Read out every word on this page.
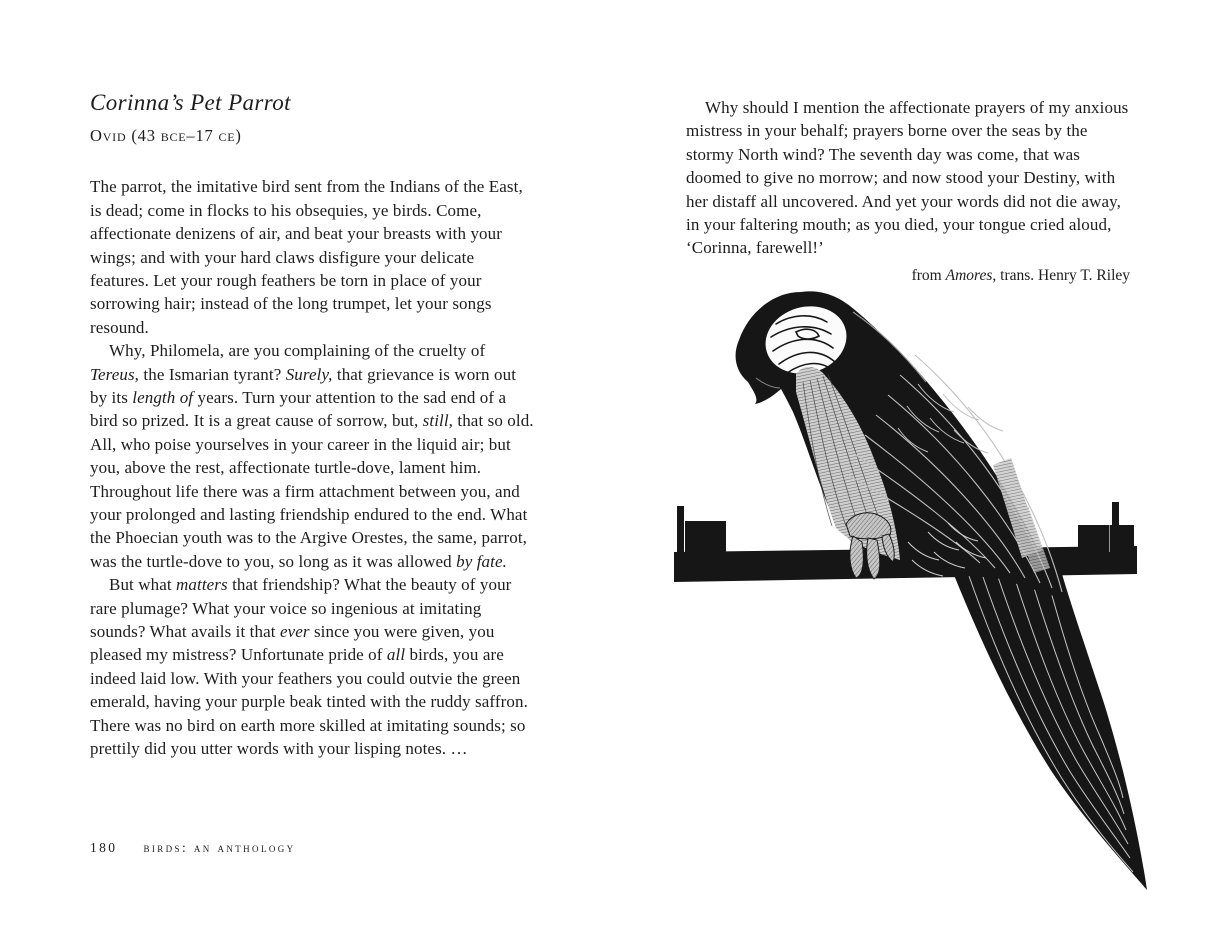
Corinna’s Pet Parrot
Ovid (43 bce–17 ce)

The parrot, the imitative bird sent from the Indians of the East, is dead; come in flocks to his obsequies, ye birds. Come, affectionate denizens of air, and beat your breasts with your wings; and with your hard claws disfigure your delicate features. Let your rough feathers be torn in place of your sorrowing hair; instead of the long trumpet, let your songs resound.

Why, Philomela, are you complaining of the cruelty of Tereus, the Ismarian tyrant? Surely, that grievance is worn out by its length of years. Turn your attention to the sad end of a bird so prized. It is a great cause of sorrow, but, still, that so old. All, who poise yourselves in your career in the liquid air; but you, above the rest, affectionate turtle-dove, lament him. Throughout life there was a firm attachment between you, and your prolonged and lasting friendship endured to the end. What the Phoecian youth was to the Argive Orestes, the same, parrot, was the turtle-dove to you, so long as it was allowed by fate.

But what matters that friendship? What the beauty of your rare plumage? What your voice so ingenious at imitating sounds? What avails it that ever since you were given, you pleased my mistress? Unfortunate pride of all birds, you are indeed laid low. With your feathers you could outvie the green emerald, having your purple beak tinted with the ruddy saffron. There was no bird on earth more skilled at imitating sounds; so prettily did you utter words with your lisping notes. …

180 birds: an anthology

Why should I mention the affectionate prayers of my anxious mistress in your behalf; prayers borne over the seas by the stormy North wind? The seventh day was come, that was doomed to give no morrow; and now stood your Destiny, with her distaff all uncovered. And yet your words did not die away, in your faltering mouth; as you died, your tongue cried aloud, ‘Corinna, farewell!’

from Amores, trans. Henry T. Riley
